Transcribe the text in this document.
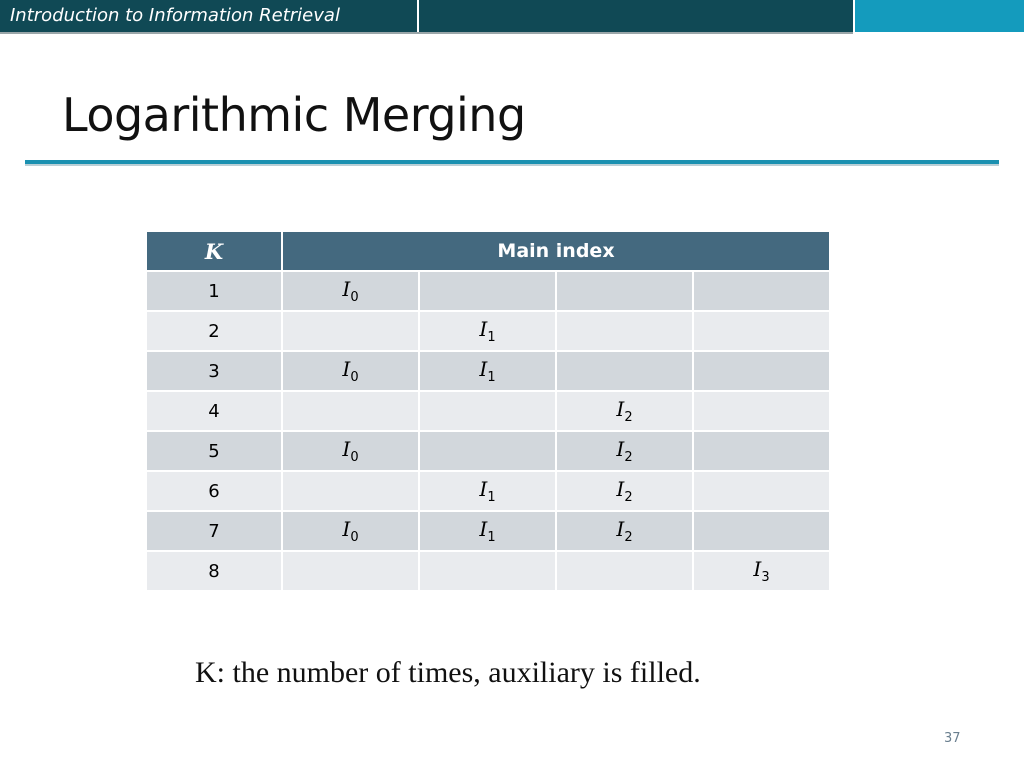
Introduction to Information Retrieval
Logarithmic Merging
K	Main index			
1	$I_0$			
2		$I_1$		
3	$I_0$	$I_1$		
4			$I_2$	
5	$I_0$		$I_2$	
6		$I_1$	$I_2$	
7	$I_0$	$I_1$	$I_2$	
8				$I_3$

K: the number of times, auxiliary is filled.

37
